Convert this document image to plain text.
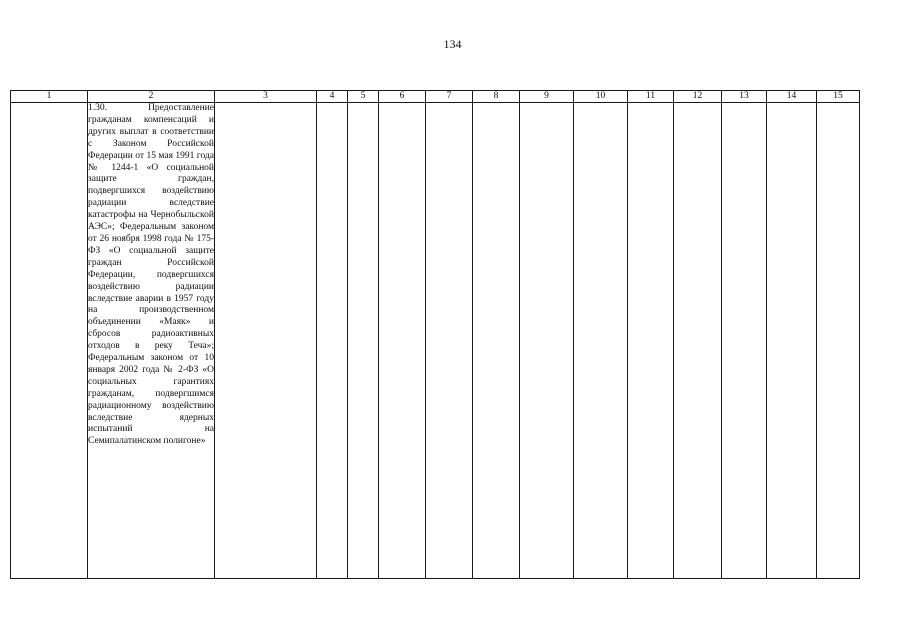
134
1	2	3	4	5	6	7	8	9	10	11	12	13	14	15

	1.30. Предоставление гражданам компенсаций и других выплат в соответствии с Законом Российской Федерации от 15 мая 1991 года № 1244-1 «О социальной защите граждан, подвергшихся воздействию радиации вследствие катастрофы на Чернобыльской АЭС»; Федеральным законом от 26 ноября 1998 года № 175-ФЗ «О социальной защите граждан Российской Федерации, подвергшихся воздействию радиации вследствие аварии в 1957 году на производственном объединении «Маяк» и сбросов радиоактивных отходов в реку Теча»; Федеральным законом от 10 января 2002 года № 2-ФЗ «О социальных гарантиях гражданам, подвергшимся радиационному воздействию вследствие ядерных испытаний на Семипалатинском полигоне»													
